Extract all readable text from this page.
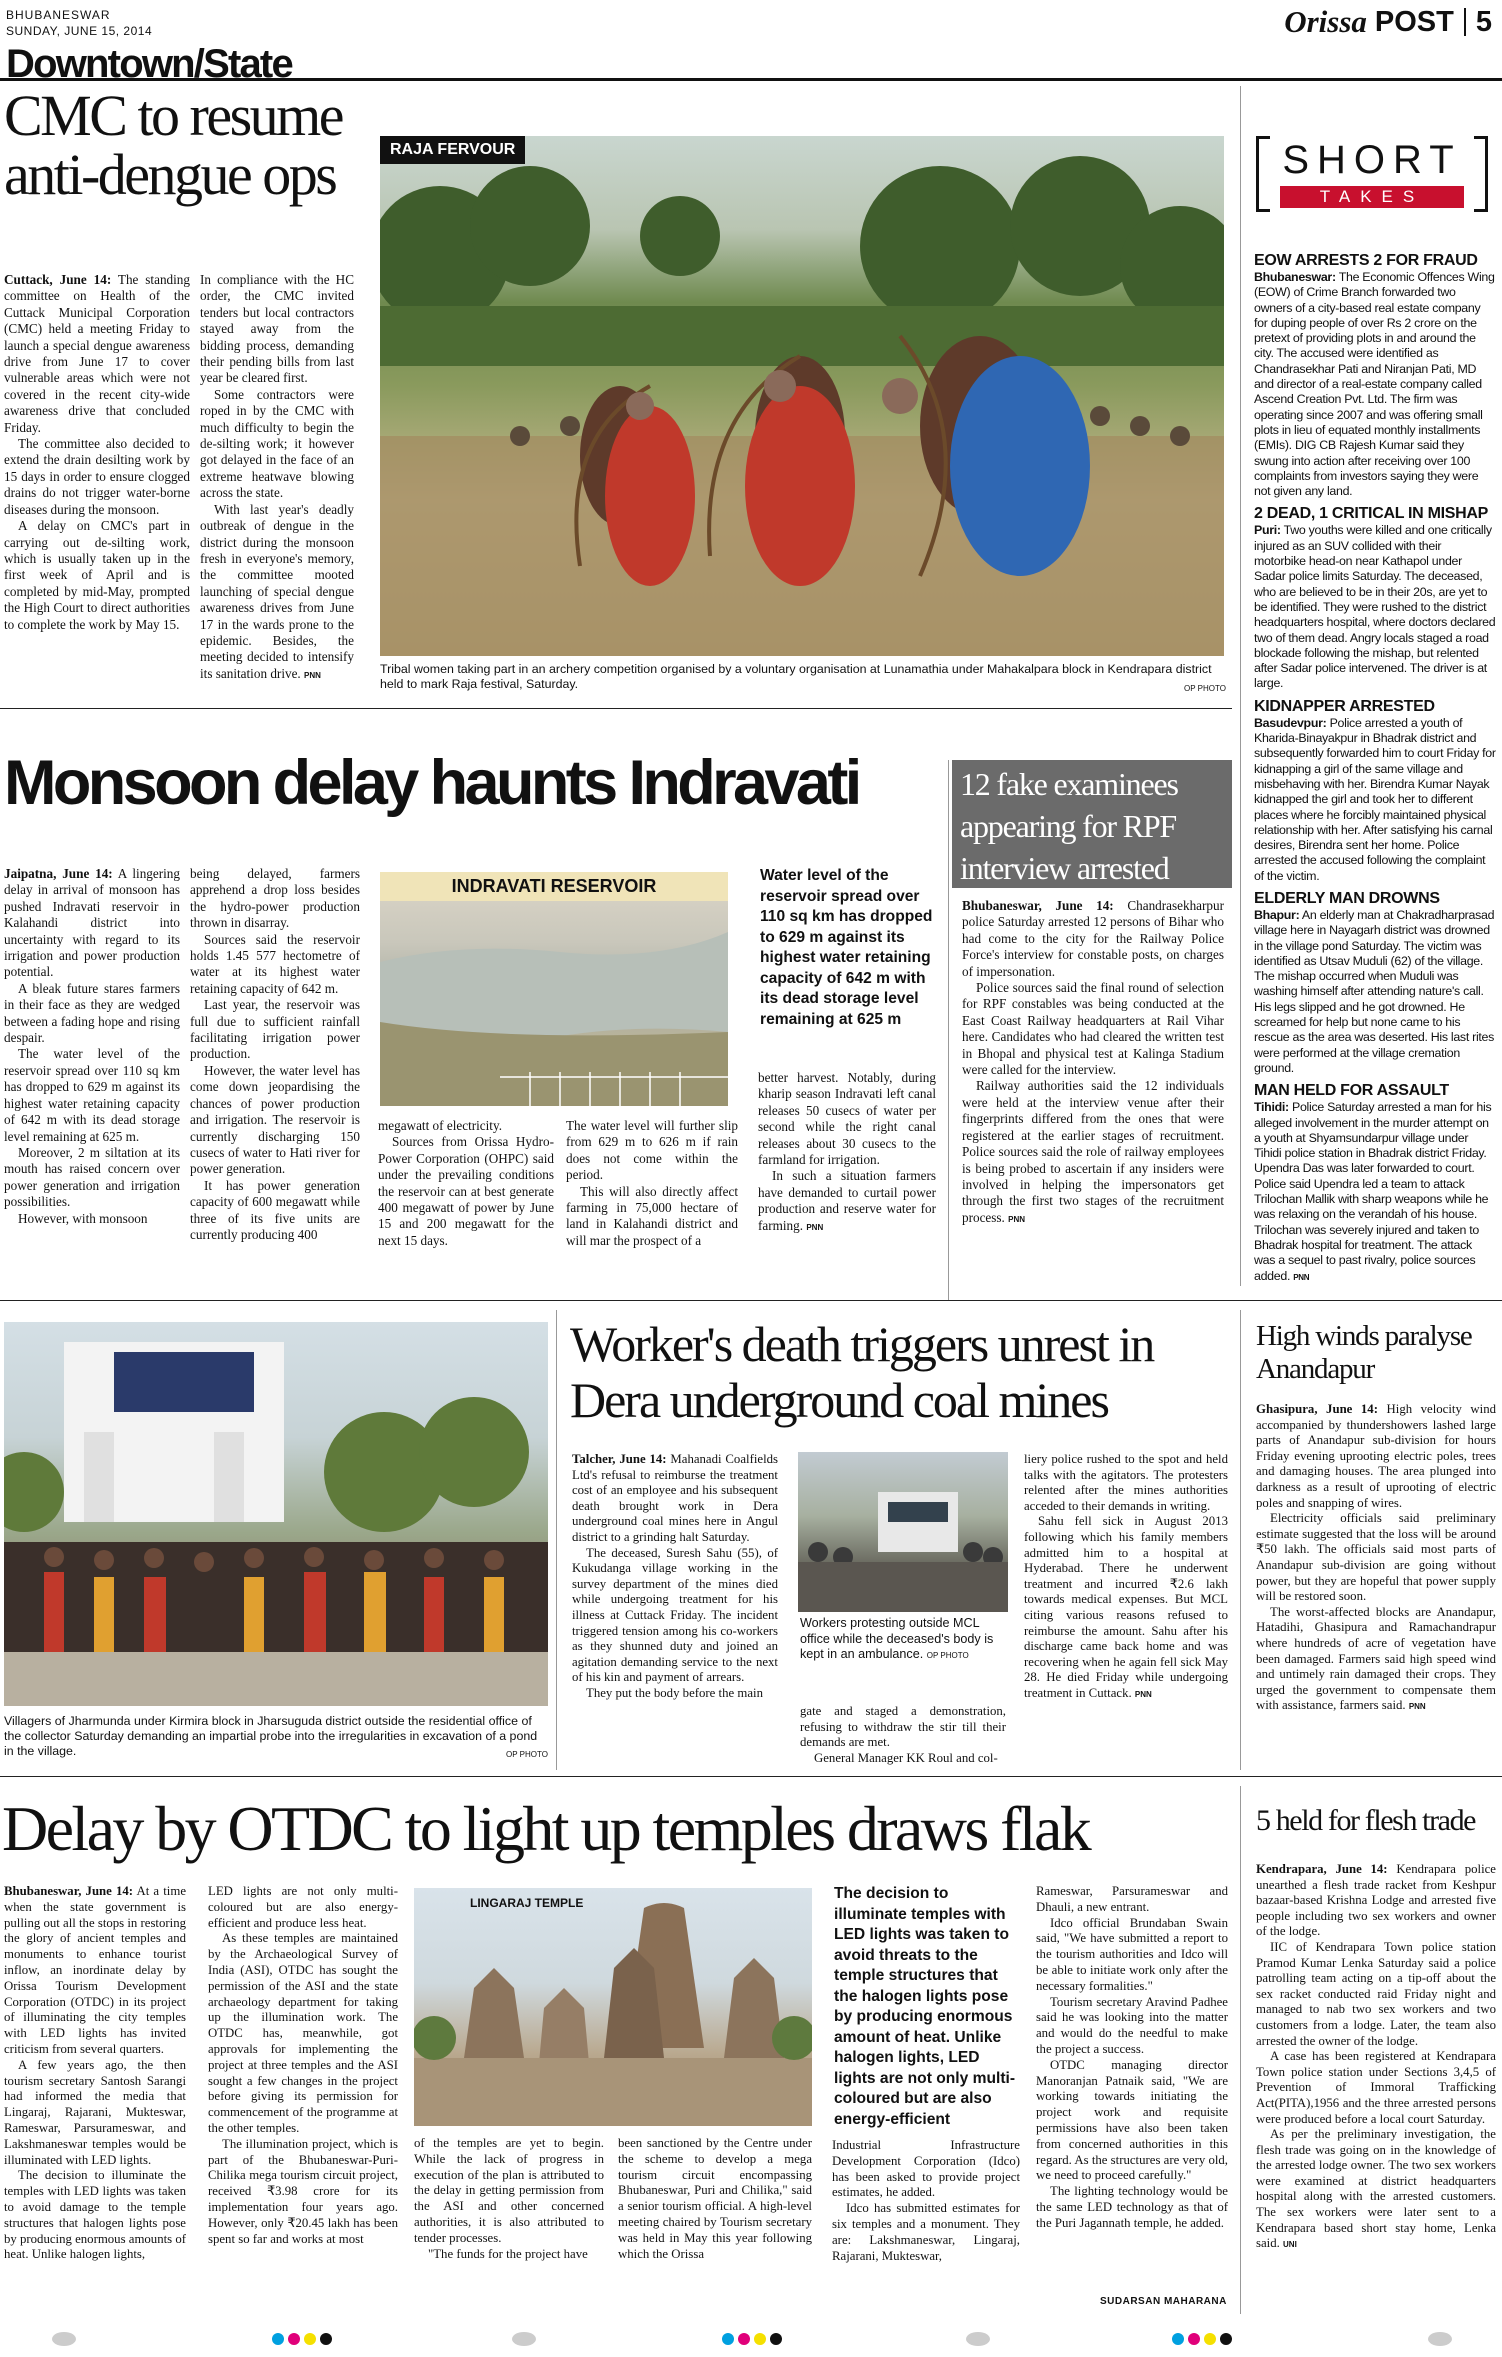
BHUBANESWAR
SUNDAY, JUNE 15, 2014
Downtown/State
Orissa POST 5
CMC to resume
anti-dengue ops

Cuttack, June 14: The standing committee on Health of the Cuttack Municipal Corporation (CMC) held a meeting Friday to launch a special dengue awareness drive from June 17 to cover vulnerable areas which were not covered in the recent city-wide awareness drive that concluded Friday.

The committee also decided to extend the drain desilting work by 15 days in order to ensure clogged drains do not trigger water-borne diseases during the monsoon.

A delay on CMC's part in carrying out de-silting work, which is usually taken up in the first week of April and is completed by mid-May, prompted the High Court to direct authorities to complete the work by May 15.

In compliance with the HC order, the CMC invited tenders but local contractors stayed away from the bidding process, demanding their pending bills from last year be cleared first.

Some contractors were roped in by the CMC with much difficulty to begin the de-silting work; it however got delayed in the face of an extreme heatwave blowing across the state.

With last year's deadly outbreak of dengue in the district during the monsoon fresh in everyone's memory, the committee mooted launching of special dengue awareness drives from June 17 in the wards prone to the epidemic. Besides, the meeting decided to intensify its sanitation drive. PNN

RAJA FERVOUR
Tribal women taking part in an archery competition organised by a voluntary organisation at Lunamathia under Mahakalpara block in Kendrapara district held to mark Raja festival, Saturday.	OP PHOTO
SHORT
TAKES
EOW ARRESTS 2 FOR FRAUD
Bhubaneswar: The Economic Offences Wing (EOW) of Crime Branch forwarded two owners of a city-based real estate company for duping people of over Rs 2 crore on the pretext of providing plots in and around the city. The accused were identified as Chandrasekhar Pati and Niranjan Pati, MD and director of a real-estate company called Ascend Creation Pvt. Ltd. The firm was operating since 2007 and was offering small plots in lieu of equated monthly installments (EMIs). DIG CB Rajesh Kumar said they swung into action after receiving over 100 complaints from investors saying they were not given any land.
2 DEAD, 1 CRITICAL IN MISHAP
Puri: Two youths were killed and one critically injured as an SUV collided with their motorbike head-on near Kathapol under Sadar police limits Saturday. The deceased, who are believed to be in their 20s, are yet to be identified. They were rushed to the district headquarters hospital, where doctors declared two of them dead. Angry locals staged a road blockade following the mishap, but relented after Sadar police intervened. The driver is at large.
KIDNAPPER ARRESTED
Basudevpur: Police arrested a youth of Kharida-Binayakpur in Bhadrak district and subsequently forwarded him to court Friday for kidnapping a girl of the same village and misbehaving with her. Birendra Kumar Nayak kidnapped the girl and took her to different places where he forcibly maintained physical relationship with her. After satisfying his carnal desires, Birendra sent her home. Police arrested the accused following the complaint of the victim.
ELDERLY MAN DROWNS
Bhapur: An elderly man at Chakradharprasad village here in Nayagarh district was drowned in the village pond Saturday. The victim was identified as Utsav Muduli (62) of the village. The mishap occurred when Muduli was washing himself after attending nature's call. His legs slipped and he got drowned. He screamed for help but none came to his rescue as the area was deserted. His last rites were performed at the village cremation ground.
MAN HELD FOR ASSAULT
Tihidi: Police Saturday arrested a man for his alleged involvement in the murder attempt on a youth at Shyamsundarpur village under Tihidi police station in Bhadrak district Friday. Upendra Das was later forwarded to court. Police said Upendra led a team to attack Trilochan Mallik with sharp weapons while he was relaxing on the verandah of his house. Trilochan was severely injured and taken to Bhadrak hospital for treatment. The attack was a sequel to past rivalry, police sources added. PNN
Monsoon delay haunts Indravati

Jaipatna, June 14: A lingering delay in arrival of monsoon has pushed Indravati reservoir in Kalahandi district into uncertainty with regard to its irrigation and power production potential.

A bleak future stares farmers in their face as they are wedged between a fading hope and rising despair.

The water level of the reservoir spread over 110 sq km has dropped to 629 m against its highest water retaining capacity of 642 m with its dead storage level remaining at 625 m.

Moreover, 2 m siltation at its mouth has raised concern over power generation and irrigation possibilities.

However, with monsoon

being delayed, farmers apprehend a drop loss besides the hydro-power production thrown in disarray.

Sources said the reservoir holds 1.45 577 hectometre of water at its highest water retaining capacity of 642 m.

Last year, the reservoir was full due to sufficient rainfall facilitating irrigation power production.

However, the water level has come down jeopardising the chances of power production and irrigation. The reservoir is currently discharging 150 cusecs of water to Hati river for power generation.

It has power generation capacity of 600 megawatt while three of its five units are currently producing 400

INDRAVATI RESERVOIR

megawatt of electricity.

Sources from Orissa Hydro-Power Corporation (OHPC) said under the prevailing conditions the reservoir can at best generate 400 megawatt of power by June 15 and 200 megawatt for the next 15 days.

The water level will further slip from 629 m to 626 m if rain does not come within the period.

This will also directly affect farming in 75,000 hectare of land in Kalahandi district and will mar the prospect of a

Water level of the reservoir spread over 110 sq km has dropped to 629 m against its highest water retaining capacity of 642 m with its dead storage level remaining at 625 m

better harvest. Notably, during kharip season Indravati left canal releases 50 cusecs of water per second while the right canal releases about 30 cusecs to the farmland for irrigation.

In such a situation farmers have demanded to curtail power production and reserve water for farming. PNN

12 fake examinees appearing for RPF interview arrested

Bhubaneswar, June 14: Chandrasekharpur police Saturday arrested 12 persons of Bihar who had come to the city for the Railway Police Force's interview for constable posts, on charges of impersonation.

Police sources said the final round of selection for RPF constables was being conducted at the East Coast Railway headquarters at Rail Vihar here. Candidates who had cleared the written test in Bhopal and physical test at Kalinga Stadium were called for the interview.

Railway authorities said the 12 individuals were held at the interview venue after their fingerprints differed from the ones that were registered at the earlier stages of recruitment. Police sources said the role of railway employees is being probed to ascertain if any insiders were involved in helping the impersonators get through the first two stages of the recruitment process. PNN

Villagers of Jharmunda under Kirmira block in Jharsuguda district outside the residential office of the collector Saturday demanding an impartial probe into the irregularities in excavation of a pond in the village.	OP PHOTO
Worker's death triggers unrest in
Dera underground coal mines

Talcher, June 14: Mahanadi Coalfields Ltd's refusal to reimburse the treatment cost of an employee and his subsequent death brought work in Dera underground coal mines here in Angul district to a grinding halt Saturday.

The deceased, Suresh Sahu (55), of Kukudanga village working in the survey department of the mines died while undergoing treatment for his illness at Cuttack Friday. The incident triggered tension among his co-workers as they shunned duty and joined an agitation demanding service to the next of his kin and payment of arrears.

They put the body before the main

Workers protesting outside MCL office while the deceased's body is kept in an ambulance. OP PHOTO

gate and staged a demonstration, refusing to withdraw the stir till their demands are met.

General Manager KK Roul and col-

liery police rushed to the spot and held talks with the agitators. The protesters relented after the mines authorities acceded to their demands in writing.

Sahu fell sick in August 2013 following which his family members admitted him to a hospital at Hyderabad. There he underwent treatment and incurred ₹2.6 lakh towards medical expenses. But MCL citing various reasons refused to reimburse the amount. Sahu after his discharge came back home and was recovering when he again fell sick May 28. He died Friday while undergoing treatment in Cuttack. PNN

High winds paralyse Anandapur

Ghasipura, June 14: High velocity wind accompanied by thundershowers lashed large parts of Anandapur sub-division for hours Friday evening uprooting electric poles, trees and damaging houses. The area plunged into darkness as a result of uprooting of electric poles and snapping of wires.

Electricity officials said preliminary estimate suggested that the loss will be around ₹50 lakh. The officials said most parts of Anandapur sub-division are going without power, but they are hopeful that power supply will be restored soon.

The worst-affected blocks are Anandapur, Hatadihi, Ghasipura and Ramachandrapur where hundreds of acre of vegetation have been damaged. Farmers said high speed wind and untimely rain damaged their crops. They urged the government to compensate them with assistance, farmers said. PNN

Delay by OTDC to light up temples draws flak

Bhubaneswar, June 14: At a time when the state government is pulling out all the stops in restoring the glory of ancient temples and monuments to enhance tourist inflow, an inordinate delay by Orissa Tourism Development Corporation (OTDC) in its project of illuminating the city temples with LED lights has invited criticism from several quarters.

A few years ago, the then tourism secretary Santosh Sarangi had informed the media that Lingaraj, Rajarani, Mukteswar, Rameswar, Parsurameswar, and Lakshmaneswar temples would be illuminated with LED lights.

The decision to illuminate the temples with LED lights was taken to avoid damage to the temple structures that halogen lights pose by producing enormous amounts of heat. Unlike halogen lights,

LED lights are not only multi-coloured but are also energy-efficient and produce less heat.

As these temples are maintained by the Archaeological Survey of India (ASI), OTDC has sought the permission of the ASI and the state archaeology department for taking up the illumination work. The OTDC has, meanwhile, got approvals for implementing the project at three temples and the ASI sought a few changes in the project before giving its permission for commencement of the programme at the other temples.

The illumination project, which is part of the Bhubaneswar-Puri-Chilika mega tourism circuit project, received ₹3.98 crore for its implementation four years ago. However, only ₹20.45 lakh has been spent so far and works at most

LINGARAJ TEMPLE

of the temples are yet to begin. While the lack of progress in execution of the plan is attributed to the delay in getting permission from the ASI and other concerned authorities, it is also attributed to tender processes.

"The funds for the project have

been sanctioned by the Centre under the scheme to develop a mega tourism circuit encompassing Bhubaneswar, Puri and Chilika," said a senior tourism official. A high-level meeting chaired by Tourism secretary was held in May this year following which the Orissa

The decision to illuminate temples with LED lights was taken to avoid threats to the temple structures that the halogen lights pose by producing enormous amount of heat. Unlike halogen lights, LED lights are not only multi-coloured but are also energy-efficient

Industrial Infrastructure Development Corporation (Idco) has been asked to provide project estimates, he added.

Idco has submitted estimates for six temples and a monument. They are: Lakshmaneswar, Lingaraj, Rajarani, Mukteswar,

Rameswar, Parsurameswar and Dhauli, a new entrant.

Idco official Brundaban Swain said, "We have submitted a report to the tourism authorities and Idco will be able to initiate work only after the necessary formalities."

Tourism secretary Aravind Padhee said he was looking into the matter and would do the needful to make the project a success.

OTDC managing director Manoranjan Patnaik said, "We are working towards initiating the project work and requisite permissions have also been taken from concerned authorities in this regard. As the structures are very old, we need to proceed carefully."

The lighting technology would be the same LED technology as that of the Puri Jagannath temple, he added.

SUDARSAN MAHARANA
5 held for flesh trade

Kendrapara, June 14: Kendrapara police unearthed a flesh trade racket from Keshpur bazaar-based Krishna Lodge and arrested five people including two sex workers and owner of the lodge.

IIC of Kendrapara Town police station Pramod Kumar Lenka Saturday said a police patrolling team acting on a tip-off about the sex racket conducted raid Friday night and managed to nab two sex workers and two customers from a lodge. Later, the team also arrested the owner of the lodge.

A case has been registered at Kendrapara Town police station under Sections 3,4,5 of Prevention of Immoral Trafficking Act(PITA),1956 and the three arrested persons were produced before a local court Saturday.

As per the preliminary investigation, the flesh trade was going on in the knowledge of the arrested lodge owner. The two sex workers were examined at district headquarters hospital along with the arrested customers. The sex workers were later sent to a Kendrapara based short stay home, Lenka said. UNI
